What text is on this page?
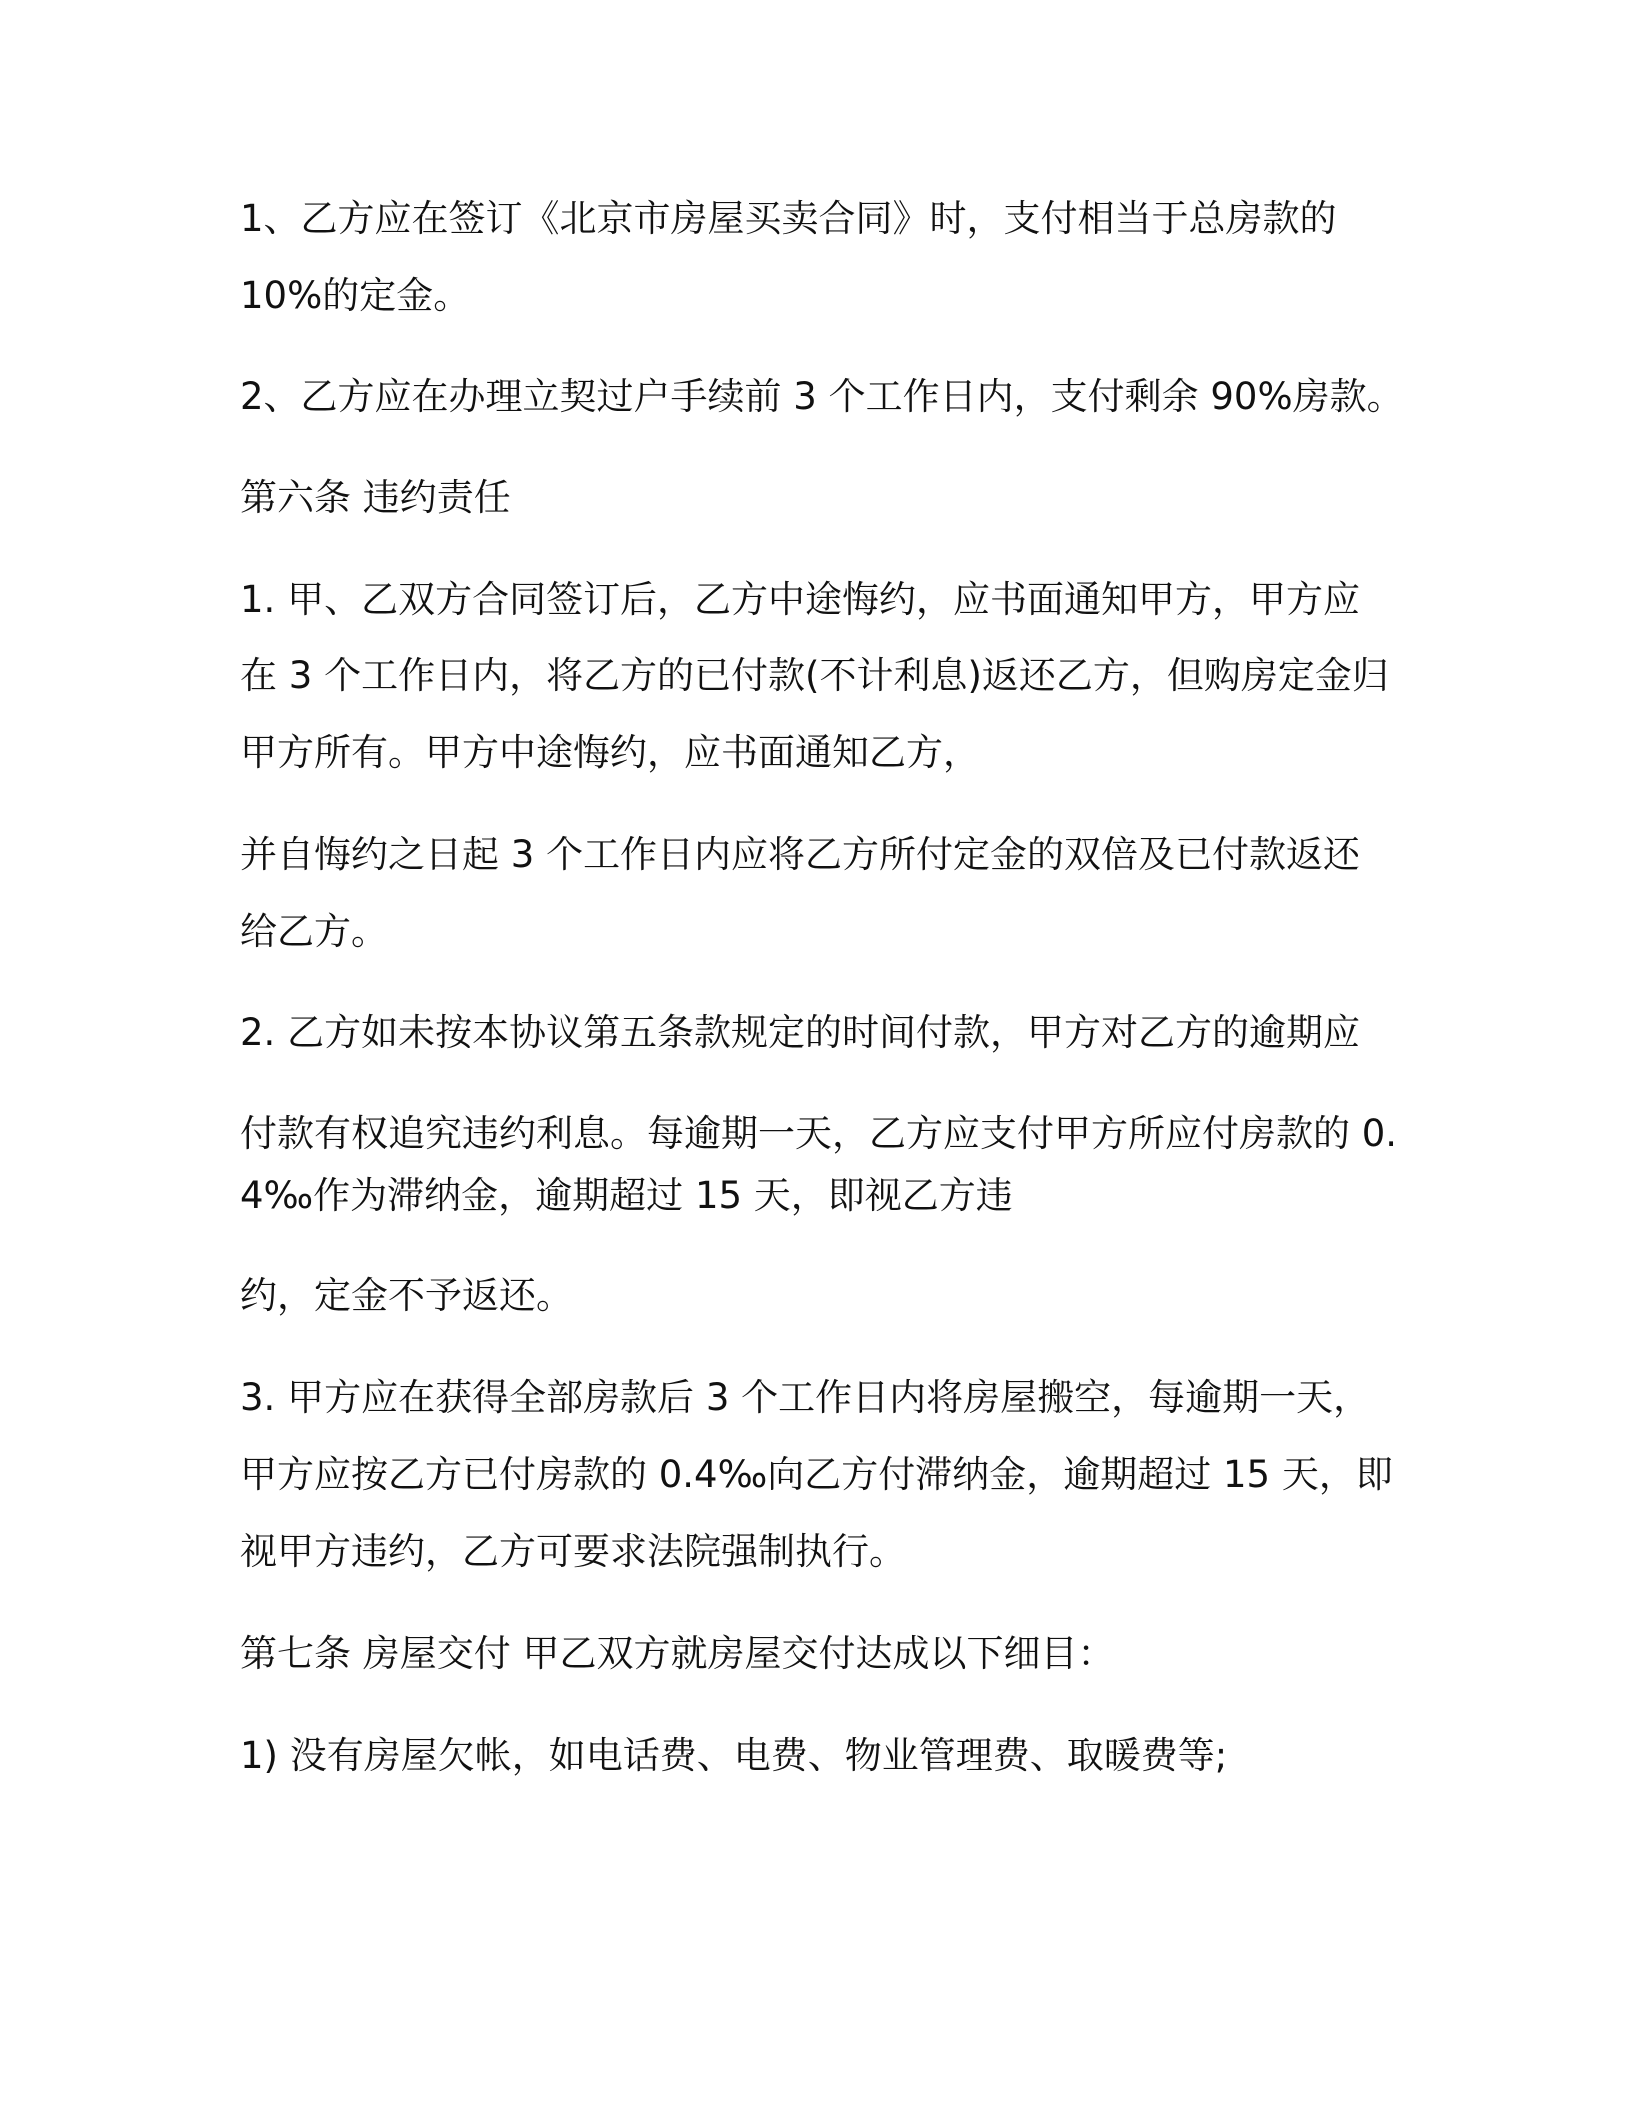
1、乙方应在签订《北京市房屋买卖合同》时，支付相当于总房款的
10%的定金。
2、乙方应在办理立契过户手续前 3 个工作日内，支付剩余 90%房款。
第六条 违约责任
1. 甲、乙双方合同签订后，乙方中途悔约，应书面通知甲方，甲方应
在 3 个工作日内，将乙方的已付款(不计利息)返还乙方，但购房定金归
甲方所有。甲方中途悔约，应书面通知乙方，
并自悔约之日起 3 个工作日内应将乙方所付定金的双倍及已付款返还
给乙方。
2. 乙方如未按本协议第五条款规定的时间付款，甲方对乙方的逾期应
付款有权追究违约利息。每逾期一天，乙方应支付甲方所应付房款的 0.
4‰作为滞纳金，逾期超过 15 天，即视乙方违
约，定金不予返还。
3. 甲方应在获得全部房款后 3 个工作日内将房屋搬空，每逾期一天，
甲方应按乙方已付房款的 0.4‰向乙方付滞纳金，逾期超过 15 天，即
视甲方违约，乙方可要求法院强制执行。
第七条 房屋交付 甲乙双方就房屋交付达成以下细目：
1) 没有房屋欠帐，如电话费、电费、物业管理费、取暖费等;
